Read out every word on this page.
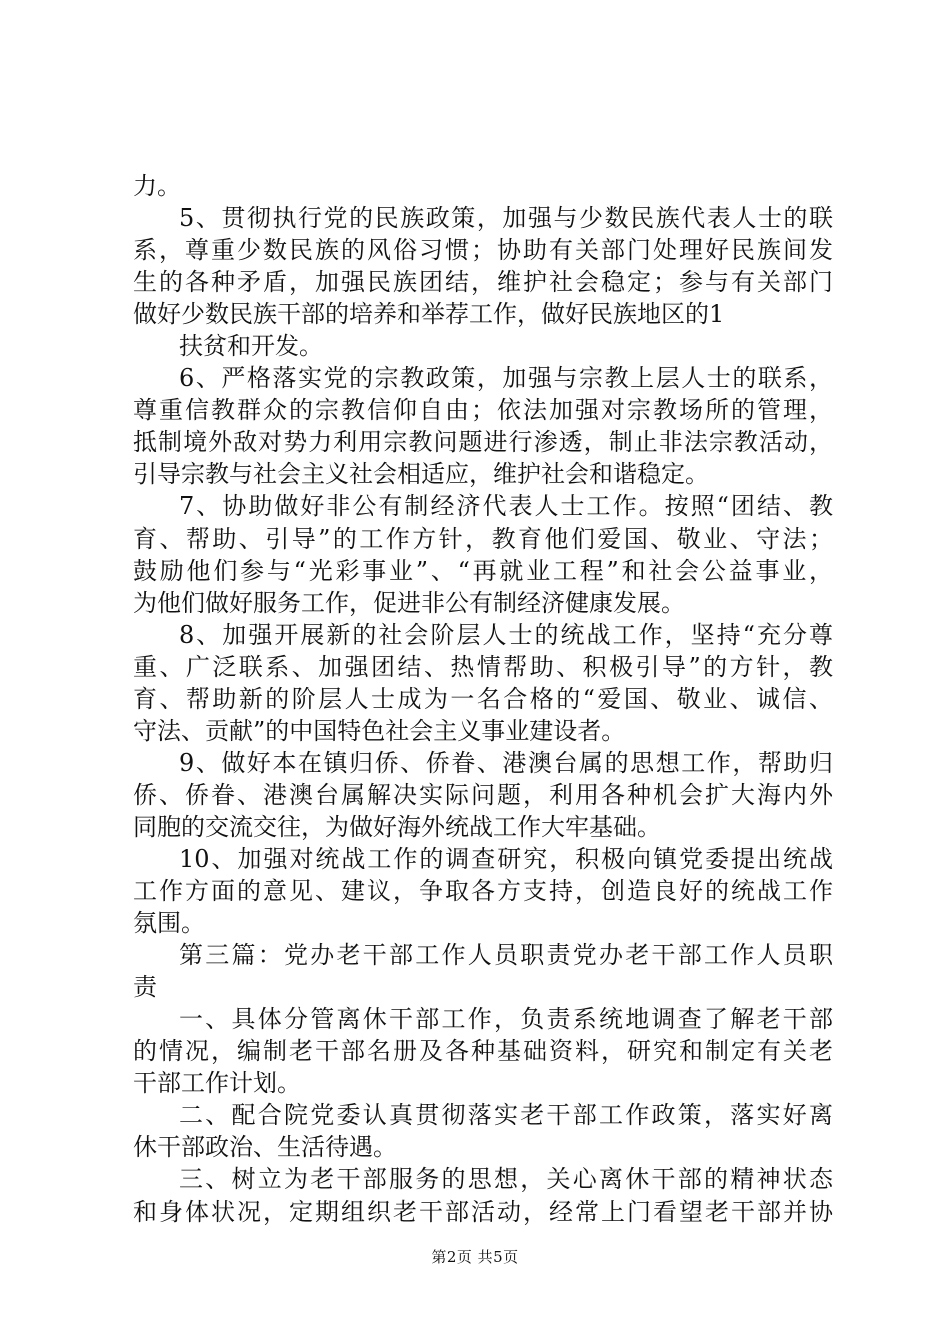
力。
5、贯彻执行党的民族政策，加强与少数民族代表人士的联
系，尊重少数民族的风俗习惯；协助有关部门处理好民族间发
生的各种矛盾，加强民族团结，维护社会稳定；参与有关部门
做好少数民族干部的培养和举荐工作，做好民族地区的1
扶贫和开发。
6、严格落实党的宗教政策，加强与宗教上层人士的联系，
尊重信教群众的宗教信仰自由；依法加强对宗教场所的管理，
抵制境外敌对势力利用宗教问题进行渗透，制止非法宗教活动，
引导宗教与社会主义社会相适应，维护社会和谐稳定。
7、协助做好非公有制经济代表人士工作。按照“团结、教
育、帮助、引导”的工作方针，教育他们爱国、敬业、守法；
鼓励他们参与“光彩事业”、“再就业工程”和社会公益事业，
为他们做好服务工作，促进非公有制经济健康发展。
8、加强开展新的社会阶层人士的统战工作，坚持“充分尊
重、广泛联系、加强团结、热情帮助、积极引导”的方针，教
育、帮助新的阶层人士成为一名合格的“爱国、敬业、诚信、
守法、贡献”的中国特色社会主义事业建设者。
9、做好本在镇归侨、侨眷、港澳台属的思想工作，帮助归
侨、侨眷、港澳台属解决实际问题，利用各种机会扩大海内外
同胞的交流交往，为做好海外统战工作大牢基础。
10、加强对统战工作的调查研究，积极向镇党委提出统战
工作方面的意见、建议，争取各方支持，创造良好的统战工作
氛围。
第三篇：党办老干部工作人员职责党办老干部工作人员职
责
一、具体分管离休干部工作，负责系统地调查了解老干部
的情况，编制老干部名册及各种基础资料，研究和制定有关老
干部工作计划。
二、配合院党委认真贯彻落实老干部工作政策，落实好离
休干部政治、生活待遇。
三、树立为老干部服务的思想，关心离休干部的精神状态
和身体状况，定期组织老干部活动，经常上门看望老干部并协
第2页 共5页
